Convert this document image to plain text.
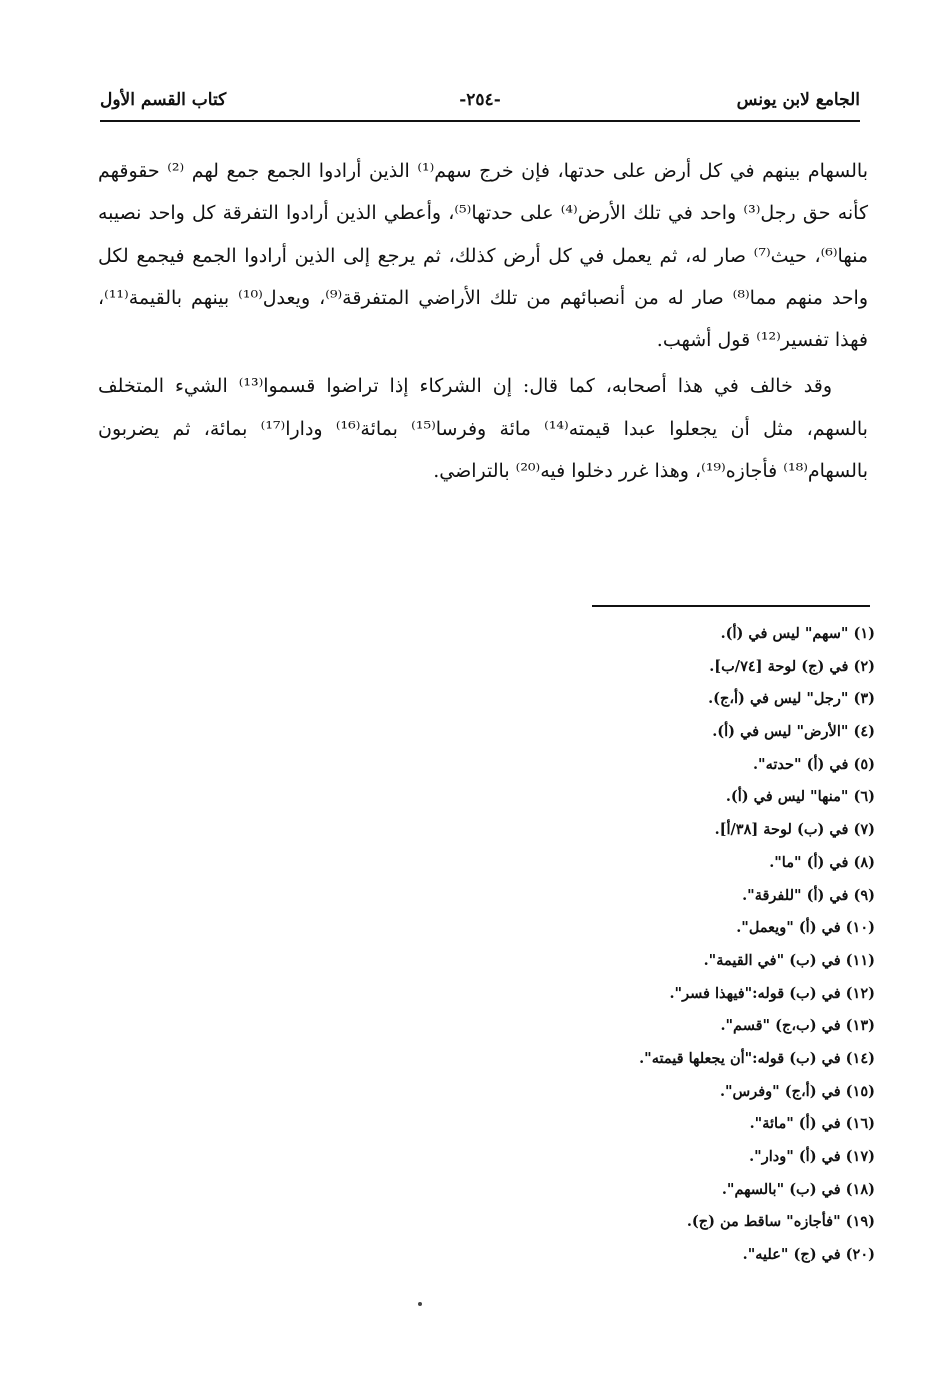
الجامع لابن يونس
-٢٥٤-
كتاب القسم الأول

بالسهام بينهم في كل أرض على حدتها، فإن خرج سهم⁽¹⁾ الذين أرادوا الجمع جمع لهم ⁽²⁾ حقوقهم كأنه حق رجل⁽³⁾ واحد في تلك الأرض⁽⁴⁾ على حدتها⁽⁵⁾، وأعطي الذين أرادوا التفرقة كل واحد نصيبه منها⁽⁶⁾، حيث⁽⁷⁾ صار له، ثم يعمل في كل أرض كذلك، ثم يرجع إلى الذين أرادوا الجمع فيجمع لكل واحد منهم مما⁽⁸⁾ صار له من أنصبائهم من تلك الأراضي المتفرقة⁽⁹⁾، ويعدل⁽¹⁰⁾ بينهم بالقيمة⁽¹¹⁾، فهذا تفسير⁽¹²⁾ قول أشهب.

وقد خالف في هذا أصحابه، كما قال: إن الشركاء إذا تراضوا قسموا⁽¹³⁾ الشيء المتخلف بالسهم، مثل أن يجعلوا عبدا قيمته⁽¹⁴⁾ مائة وفرسا⁽¹⁵⁾ بمائة⁽¹⁶⁾ ودارا⁽¹⁷⁾ بمائة، ثم يضربون بالسهام⁽¹⁸⁾ فأجازه⁽¹⁹⁾، وهذا غرر دخلوا فيه⁽²⁰⁾ بالتراضي.

(١) "سهم" ليس في (أ).
(٢) في (ج) لوحة [٧٤/ب].
(٣) "رجل" ليس في (أ،ج).
(٤) "الأرض" ليس في (أ).
(٥) في (أ) "حدته".
(٦) "منها" ليس في (أ).
(٧) في (ب) لوحة [٣٨/أ].
(٨) في (أ) "ما".
(٩) في (أ) "للفرقة".
(١٠) في (أ) "ويعمل".
(١١) في (ب) "في القيمة".
(١٢) في (ب) قوله:"فيهذا فسر".
(١٣) في (ب،ج) "قسم".
(١٤) في (ب) قوله:"أن يجعلها قيمته".
(١٥) في (أ،ج) "وفرس".
(١٦) في (أ) "مائة".
(١٧) في (أ) "ودار".
(١٨) في (ب) "بالسهم".
(١٩) "فأجازه" ساقط من (ج).
(٢٠) في (ج) "عليه".
